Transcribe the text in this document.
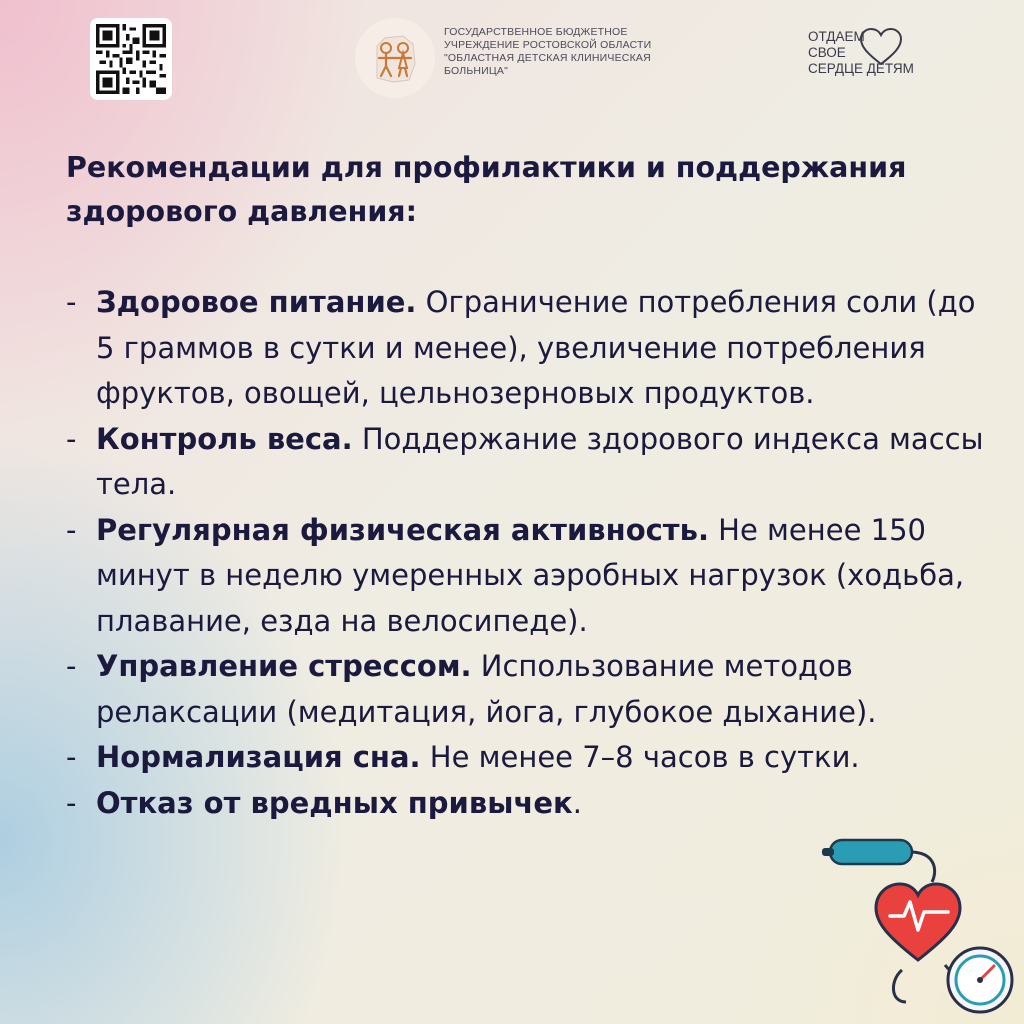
ГОСУДАРСТВЕННОЕ БЮДЖЕТНОЕ
УЧРЕЖДЕНИЕ РОСТОВСКОЙ ОБЛАСТИ
"ОБЛАСТНАЯ ДЕТСКАЯ КЛИНИЧЕСКАЯ
БОЛЬНИЦА"
ОТДАЕМ
СВОЕ
СЕРДЦЕ ДЕТЯМ
Рекомендации для профилактики и поддержания здорового давления:
- Здоровое питание. Ограничение потребления соли (до 5 граммов в сутки и менее), увеличение потребления фруктов, овощей, цельнозерновых продуктов.
- Контроль веса. Поддержание здорового индекса массы тела.
- Регулярная физическая активность. Не менее 150 минут в неделю умеренных аэробных нагрузок (ходьба, плавание, езда на велосипеде).
- Управление стрессом. Использование методов релаксации (медитация, йога, глубокое дыхание).
- Нормализация сна. Не менее 7–8 часов в сутки.
- Отказ от вредных привычек.
